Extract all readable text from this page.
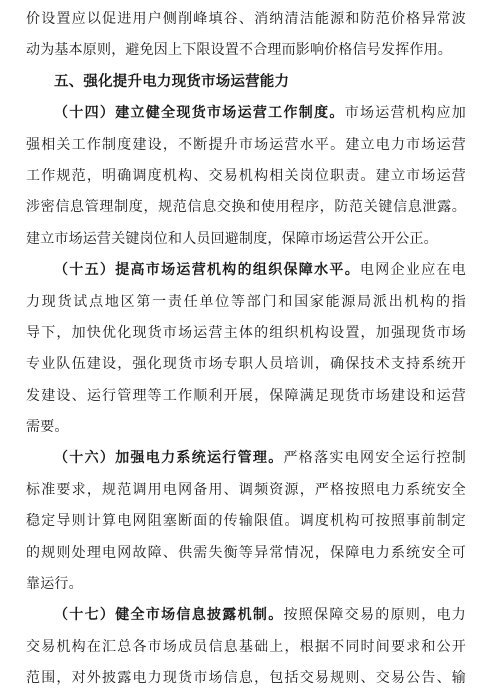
价设置应以促进用户侧削峰填谷、消纳清洁能源和防范价格异常波
动为基本原则，避免因上下限设置不合理而影响价格信号发挥作用。
五、强化提升电力现货市场运营能力
（十四）建立健全现货市场运营工作制度。市场运营机构应加
强相关工作制度建设，不断提升市场运营水平。建立电力市场运营
工作规范，明确调度机构、交易机构相关岗位职责。建立市场运营
涉密信息管理制度，规范信息交换和使用程序，防范关键信息泄露。
建立市场运营关键岗位和人员回避制度，保障市场运营公开公正。
（十五）提高市场运营机构的组织保障水平。电网企业应在电
力现货试点地区第一责任单位等部门和国家能源局派出机构的指
导下，加快优化现货市场运营主体的组织机构设置，加强现货市场
专业队伍建设，强化现货市场专职人员培训，确保技术支持系统开
发建设、运行管理等工作顺利开展，保障满足现货市场建设和运营
需要。
（十六）加强电力系统运行管理。严格落实电网安全运行控制
标准要求，规范调用电网备用、调频资源，严格按照电力系统安全
稳定导则计算电网阻塞断面的传输限值。调度机构可按照事前制定
的规则处理电网故障、供需失衡等异常情况，保障电力系统安全可
靠运行。
（十七）健全市场信息披露机制。按照保障交易的原则，电力
交易机构在汇总各市场成员信息基础上，根据不同时间要求和公开
范围，对外披露电力现货市场信息，包括交易规则、交易公告、输
